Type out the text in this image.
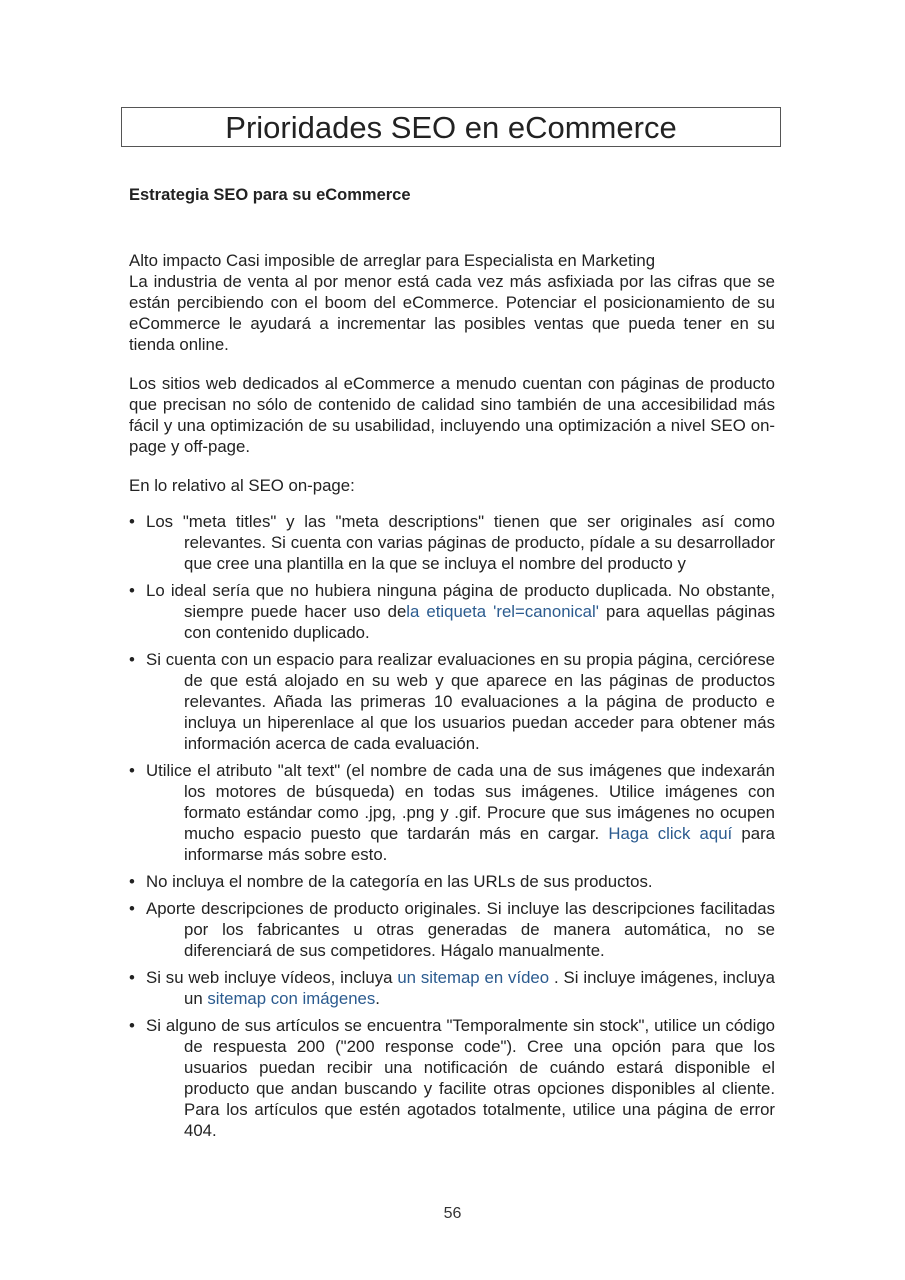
Prioridades SEO en eCommerce
Estrategia SEO para su eCommerce
Alto impacto Casi imposible de arreglar para Especialista en Marketing

La industria de venta al por menor está cada vez más asfixiada por las cifras que se están percibiendo con el boom del eCommerce. Potenciar el posicionamiento de su eCommerce le ayudará a incrementar las posibles ventas que pueda tener en su tienda online.

Los sitios web dedicados al eCommerce a menudo cuentan con páginas de producto que precisan no sólo de contenido de calidad sino también de una accesibilidad más fácil y una optimización de su usabilidad, incluyendo una optimización a nivel SEO on-page y off-page.

En lo relativo al SEO on-page:

• Los "meta titles" y las "meta descriptions" tienen que ser originales así como relevantes. Si cuenta con varias páginas de producto, pídale a su desarrollador que cree una plantilla en la que se incluya el nombre del producto y
• Lo ideal sería que no hubiera ninguna página de producto duplicada. No obstante, siempre puede hacer uso dela etiqueta 'rel=canonical' para aquellas páginas con contenido duplicado.
• Si cuenta con un espacio para realizar evaluaciones en su propia página, cerciórese de que está alojado en su web y que aparece en las páginas de productos relevantes. Añada las primeras 10 evaluaciones a la página de producto e incluya un hiperenlace al que los usuarios puedan acceder para obtener más información acerca de cada evaluación.
• Utilice el atributo "alt text" (el nombre de cada una de sus imágenes que indexarán los motores de búsqueda) en todas sus imágenes. Utilice imágenes con formato estándar como .jpg, .png y .gif. Procure que sus imágenes no ocupen mucho espacio puesto que tardarán más en cargar. Haga click aquí para informarse más sobre esto.
• No incluya el nombre de la categoría en las URLs de sus productos.
• Aporte descripciones de producto originales. Si incluye las descripciones facilitadas por los fabricantes u otras generadas de manera automática, no se diferenciará de sus competidores. Hágalo manualmente.
• Si su web incluye vídeos, incluya un sitemap en vídeo . Si incluye imágenes, incluya un sitemap con imágenes.
• Si alguno de sus artículos se encuentra "Temporalmente sin stock", utilice un código de respuesta 200 ("200 response code"). Cree una opción para que los usuarios puedan recibir una notificación de cuándo estará disponible el producto que andan buscando y facilite otras opciones disponibles al cliente. Para los artículos que estén agotados totalmente, utilice una página de error 404.
56
